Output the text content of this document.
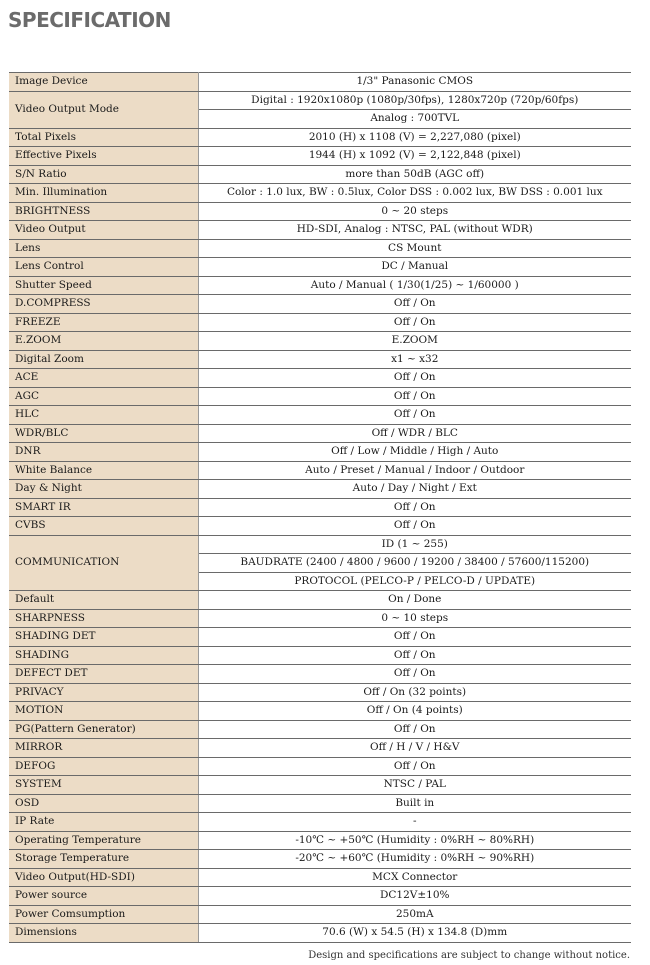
SPECIFICATION
Image Device	1/3" Panasonic CMOS
Video Output Mode	Digital : 1920x1080p (1080p/30fps), 1280x720p (720p/60fps)
	Analog : 700TVL
Total Pixels	2010 (H) x 1108 (V) = 2,227,080 (pixel)
Effective Pixels	1944 (H) x 1092 (V) = 2,122,848 (pixel)
S/N Ratio	more than 50dB (AGC off)
Min. Illumination	Color : 1.0 lux, BW : 0.5lux, Color DSS : 0.002 lux, BW DSS : 0.001 lux
BRIGHTNESS	0 ~ 20 steps
Video Output	HD-SDI, Analog : NTSC, PAL (without WDR)
Lens	CS Mount
Lens Control	DC / Manual
Shutter Speed	Auto / Manual ( 1/30(1/25) ~ 1/60000 )
D.COMPRESS	Off / On
FREEZE	Off / On
E.ZOOM	E.ZOOM
Digital Zoom	x1 ~ x32
ACE	Off / On
AGC	Off / On
HLC	Off / On
WDR/BLC	Off / WDR / BLC
DNR	Off / Low / Middle / High / Auto
White Balance	Auto / Preset / Manual / Indoor / Outdoor
Day & Night	Auto / Day / Night / Ext
SMART IR	Off / On
CVBS	Off / On
COMMUNICATION	ID (1 ~ 255)
	BAUDRATE (2400 / 4800 / 9600 / 19200 / 38400 / 57600/115200)
	PROTOCOL (PELCO-P / PELCO-D / UPDATE)
Default	On / Done
SHARPNESS	0 ~ 10 steps
SHADING DET	Off / On
SHADING	Off / On
DEFECT DET	Off / On
PRIVACY	Off / On (32 points)
MOTION	Off / On (4 points)
PG(Pattern Generator)	Off / On
MIRROR	Off / H / V / H&V
DEFOG	Off / On
SYSTEM	NTSC / PAL
OSD	Built in
IP Rate	-
Operating Temperature	-10℃ ~ +50℃ (Humidity : 0%RH ~ 80%RH)
Storage Temperature	-20℃ ~ +60℃ (Humidity : 0%RH ~ 90%RH)
Video Output(HD-SDI)	MCX Connector
Power source	DC12V±10%
Power Comsumption	250mA
Dimensions	70.6 (W) x 54.5 (H) x 134.8 (D)mm
Design and specifications are subject to change without notice.
